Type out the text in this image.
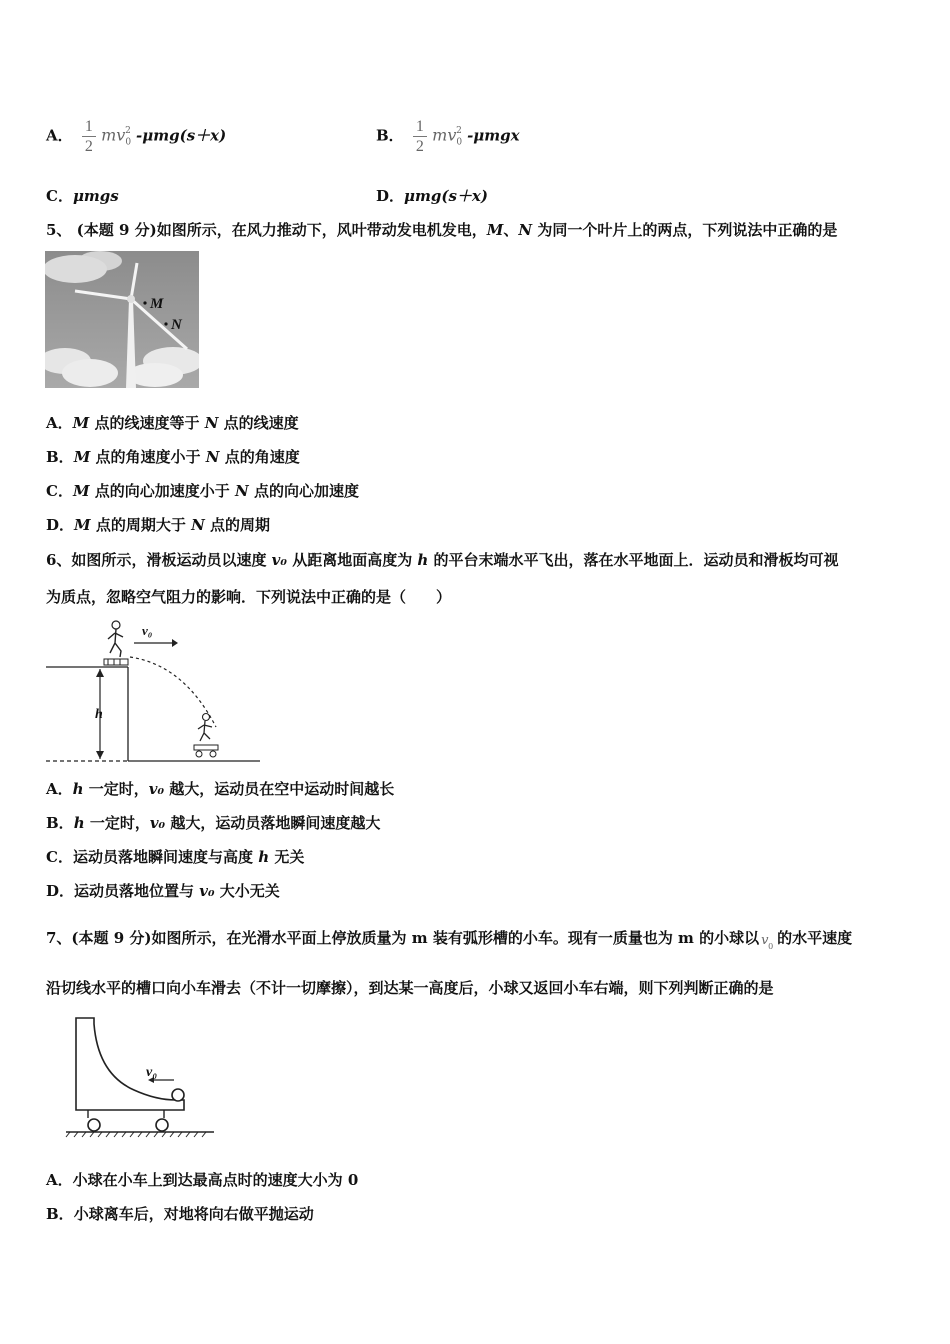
A． $\frac{1}{2} mv_0^2$ -μmg(s＋x)	B． $\frac{1}{2} mv_0^2$ -μmgx
C．μmgs	D．μmg(s＋x)
5、 (本题 9 分)如图所示，在风力推动下，风叶带动发电机发电，M、N 为同一个叶片上的两点，下列说法中正确的是
M
N
A．M 点的线速度等于 N 点的线速度
B．M 点的角速度小于 N 点的角速度
C．M 点的向心加速度小于 N 点的向心加速度
D．M 点的周期大于 N 点的周期
6、如图所示，滑板运动员以速度 v₀ 从距离地面高度为 h 的平台末端水平飞出，落在水平地面上．运动员和滑板均可视
为质点，忽略空气阻力的影响．下列说法中正确的是（　　）
h
v₀
A．h 一定时，v₀ 越大，运动员在空中运动时间越长
B．h 一定时，v₀ 越大，运动员落地瞬间速度越大
C．运动员落地瞬间速度与高度 h 无关
D．运动员落地位置与 v₀ 大小无关
7、(本题 9 分)如图所示，在光滑水平面上停放质量为 m 装有弧形槽的小车。现有一质量也为 m 的小球以 v 0 的水平速度
沿切线水平的槽口向小车滑去（不计一切摩擦），到达某一高度后，小球又返回小车右端，则下列判断正确的是
v₀
A．小球在小车上到达最高点时的速度大小为 0
B．小球离车后，对地将向右做平抛运动
